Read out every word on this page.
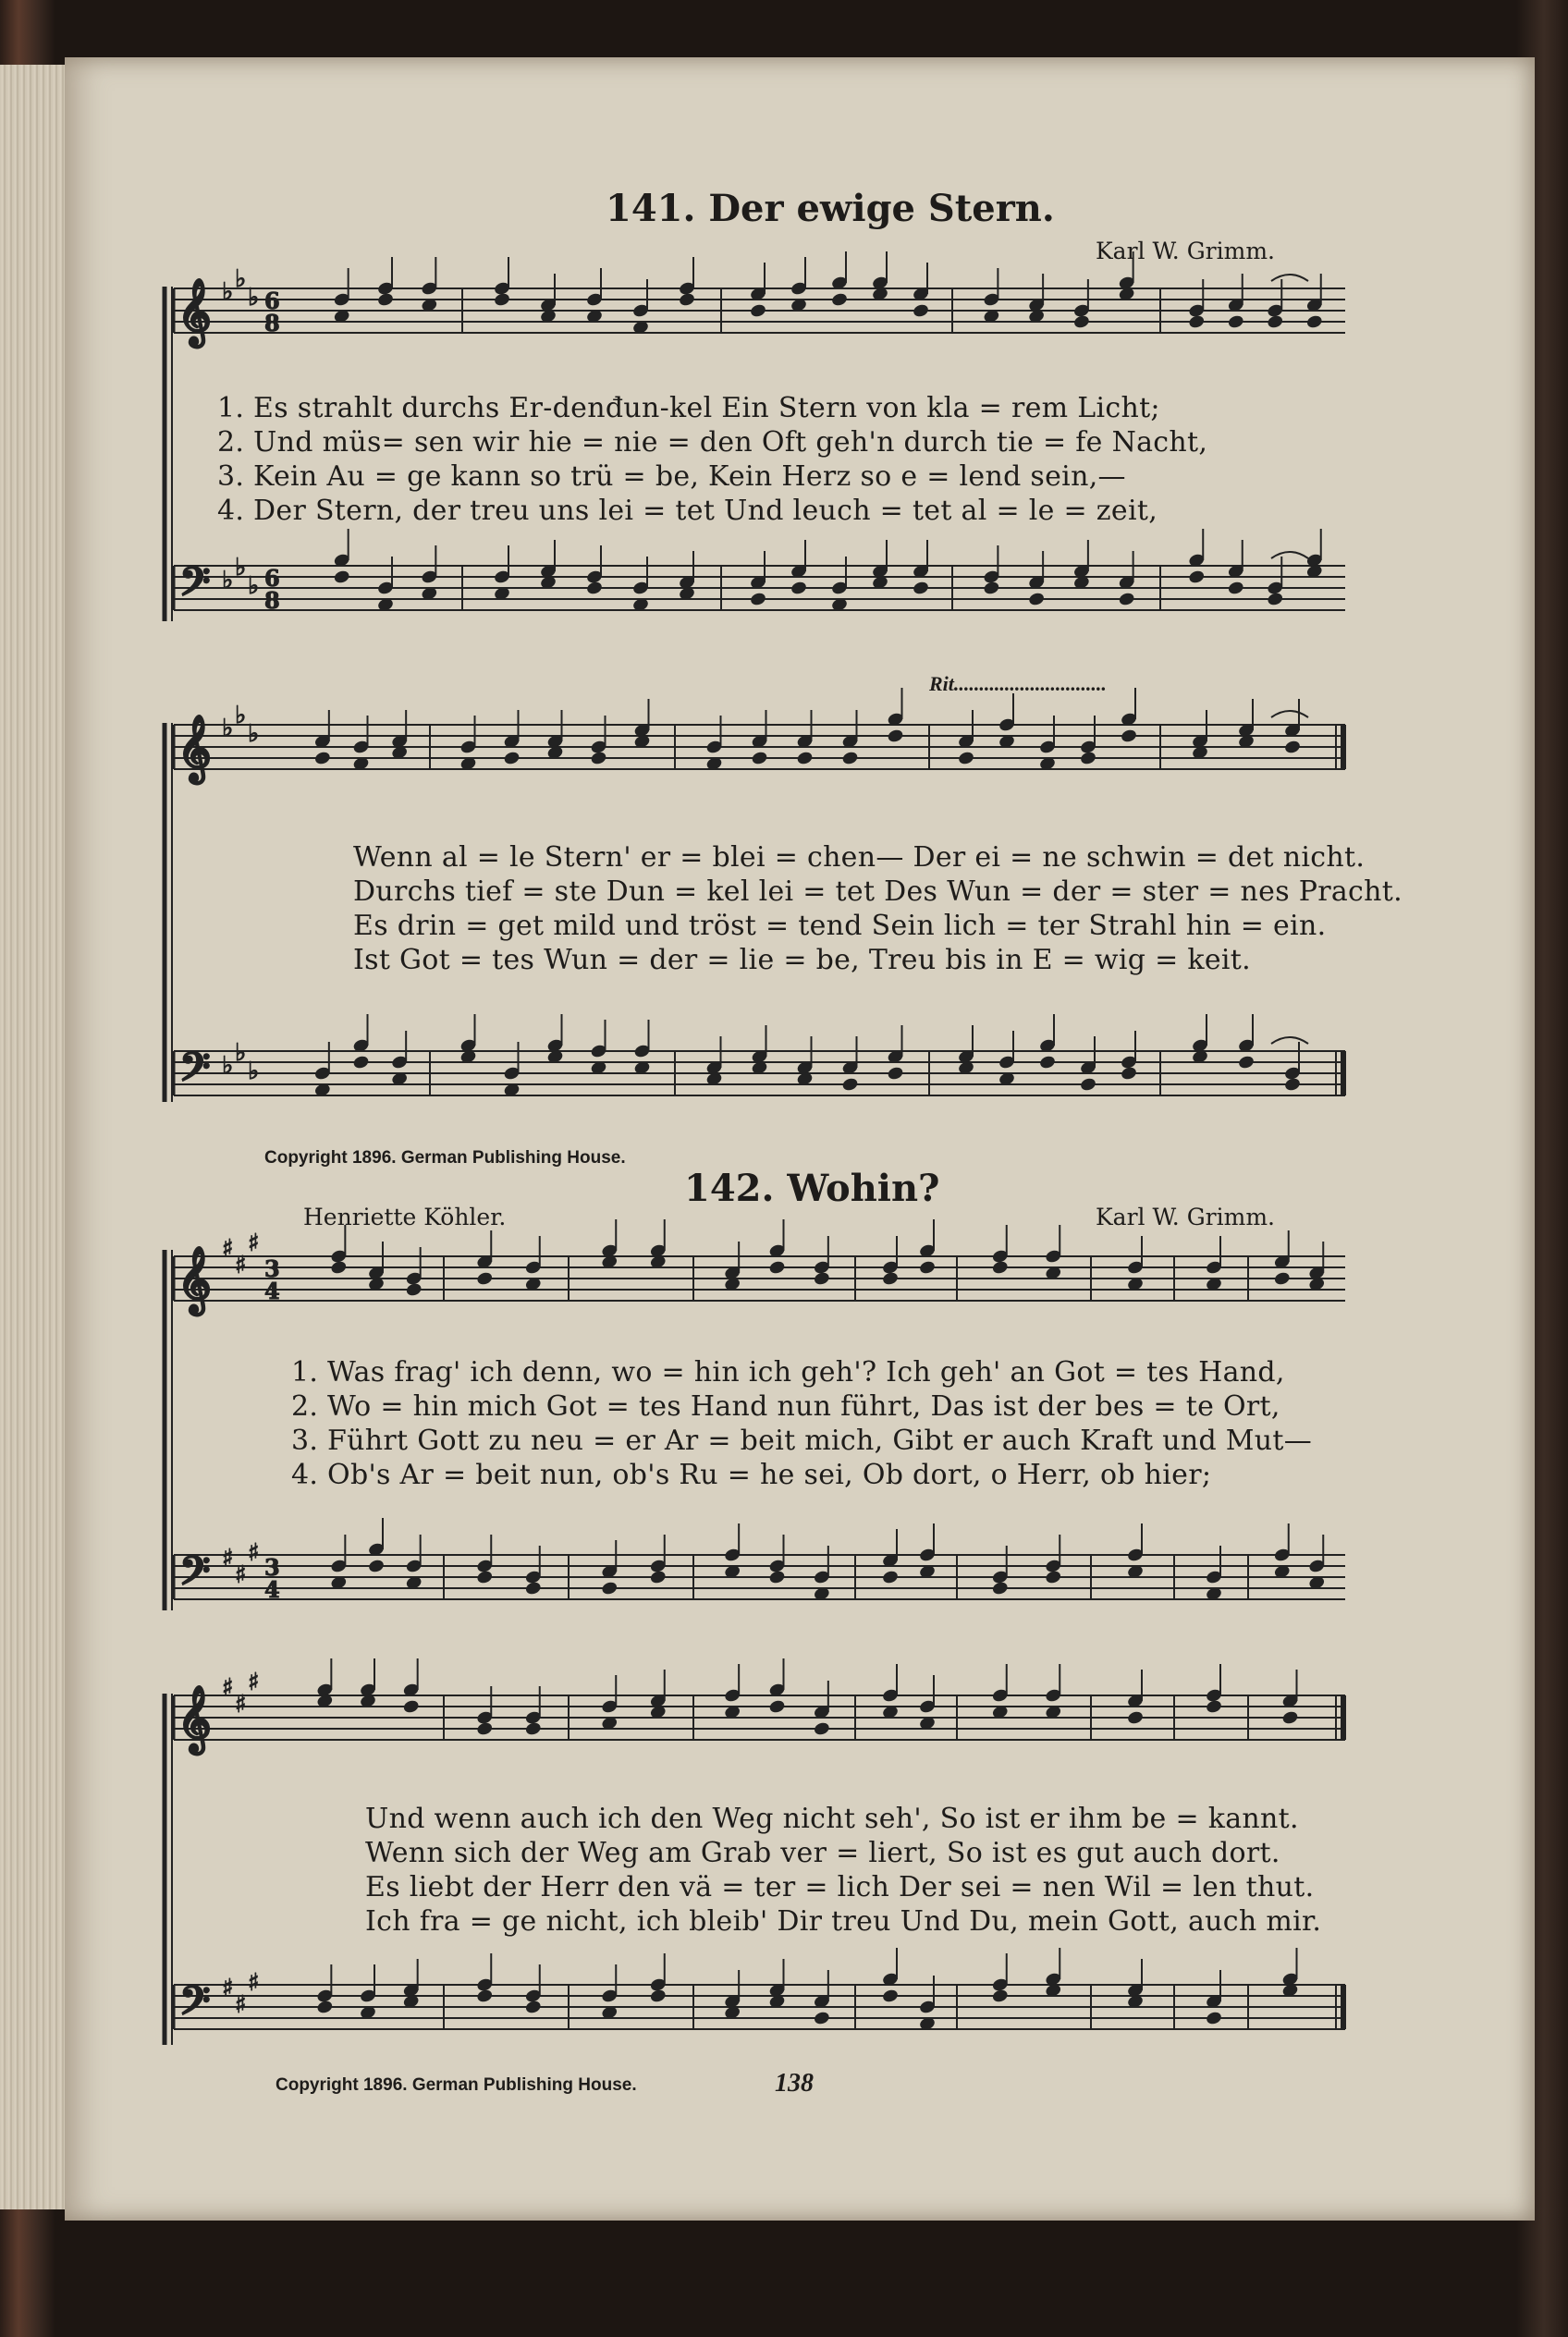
𝄞 ♭ ♭
♭ 6
8
𝄢 ♭ ♭
♭ 6
8
𝄞 ♭ ♭
♭
𝄢 ♭ ♭
♭
𝄞 ♯
♯
♯
3
4
𝄢 ♯
♯
♯
3
4
𝄞 ♯
♯
♯
𝄢 ♯
♯
♯
141. Der ewige Stern.
Karl W. Grimm.
1. Es strahlt durchs Er-denđun-kel Ein Stern von kla = rem Licht;
2. Und müs= sen wir hie = nie = den Oft geh'n durch tie = fe Nacht,
3. Kein Au = ge kann so trü = be, Kein Herz so e = lend sein,—
4. Der Stern, der treu uns lei = tet Und leuch = tet al = le = zeit,
Rit..............................
Wenn al = le Stern' er = blei = chen— Der ei = ne schwin = det nicht.
Durchs tief = ste Dun = kel lei = tet Des Wun = der = ster = nes Pracht.
Es drin = get mild und tröst = tend Sein lich = ter Strahl hin = ein.
Ist Got = tes Wun = der = lie = be, Treu bis in E = wig = keit.
Copyright 1896. German Publishing House.
142. Wohin?
Henriette Köhler.	Karl W. Grimm.
1. Was frag' ich denn, wo = hin ich geh'? Ich geh' an Got = tes Hand,
2. Wo = hin mich Got = tes Hand nun führt, Das ist der bes = te Ort,
3. Führt Gott zu neu = er Ar = beit mich, Gibt er auch Kraft und Mut—
4. Ob's Ar = beit nun, ob's Ru = he sei, Ob dort, o Herr, ob hier;
Und wenn auch ich den Weg nicht seh', So ist er ihm be = kannt.
Wenn sich der Weg am Grab ver = liert, So ist es gut auch dort.
Es liebt der Herr den vä = ter = lich Der sei = nen Wil = len thut.
Ich fra = ge nicht, ich bleib' Dir treu Und Du, mein Gott, auch mir.
Copyright 1896. German Publishing House.	138
